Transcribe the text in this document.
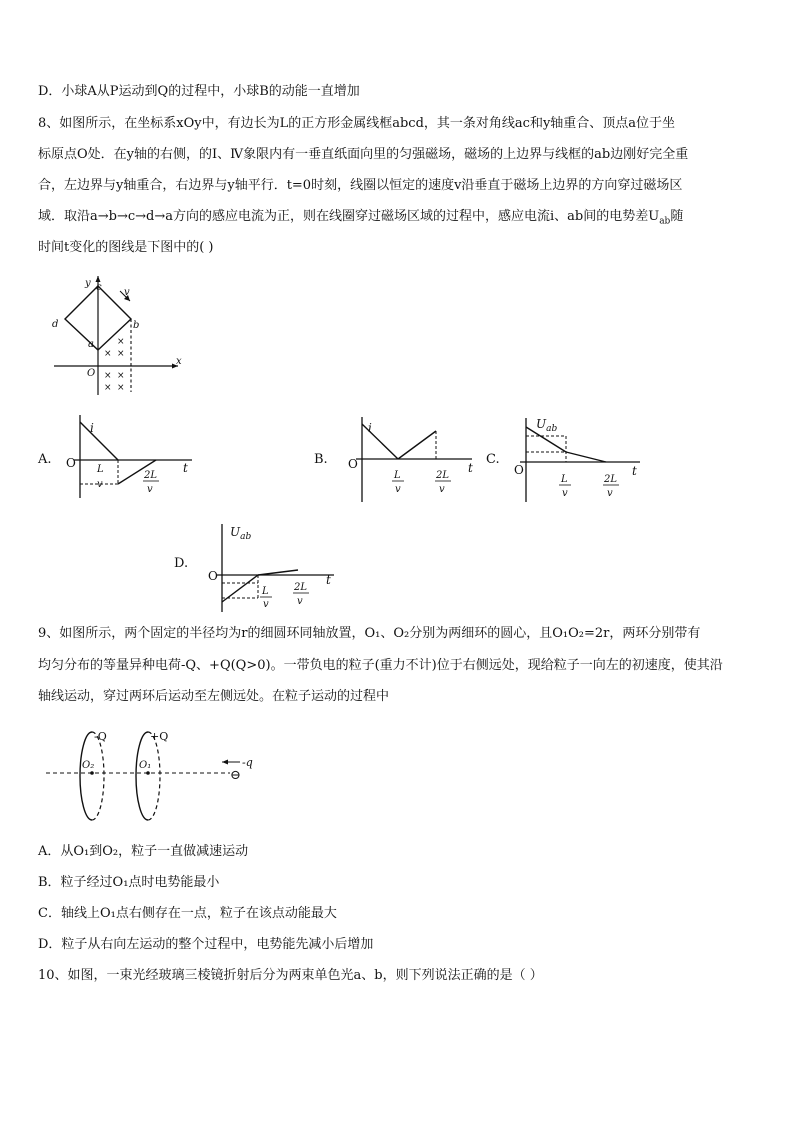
D．小球A从P运动到Q的过程中，小球B的动能一直增加
8、如图所示，在坐标系xOy中，有边长为L的正方形金属线框abcd，其一条对角线ac和y轴重合、顶点a位于坐
标原点O处．在y轴的右侧，的Ⅰ、Ⅳ象限内有一垂直纸面向里的匀强磁场，磁场的上边界与线框的ab边刚好完全重
合，左边界与y轴重合，右边界与y轴平行．t=0时刻，线圈以恒定的速度v沿垂直于磁场上边界的方向穿过磁场区
域．取沿a→b→c→d→a方向的感应电流为正，则在线圈穿过磁场区域的过程中，感应电流i、ab间的电势差$U_{ab}$随
时间t变化的图线是下图中的( )
×
× ×
× ×
× ×
y
x
O
a
b
c
d
v
A.
i
O	t
L
v
2L
v
B.
i
O	t
L
v
2L
v
C.
$U_{ab}$
O	t
L
v
2L
v
D.
$U_{ab}$
O	t
L
v
2L
v
9、如图所示，两个固定的半径均为r的细圆环同轴放置，O₁、O₂分别为两细环的圆心，且O₁O₂=2r，两环分别带有
均匀分布的等量异种电荷-Q、+Q(Q>0)。一带负电的粒子(重力不计)位于右侧远处，现给粒子一向左的初速度，使其沿
轴线运动，穿过两环后运动至左侧远处。在粒子运动的过程中
-Q	+Q
O₂	O₁	-q
⊖
A．从O₁到O₂，粒子一直做减速运动
B．粒子经过O₁点时电势能最小
C．轴线上O₁点右侧存在一点，粒子在该点动能最大
D．粒子从右向左运动的整个过程中，电势能先减小后增加
10、如图，一束光经玻璃三棱镜折射后分为两束单色光a、b，则下列说法正确的是（ ）
